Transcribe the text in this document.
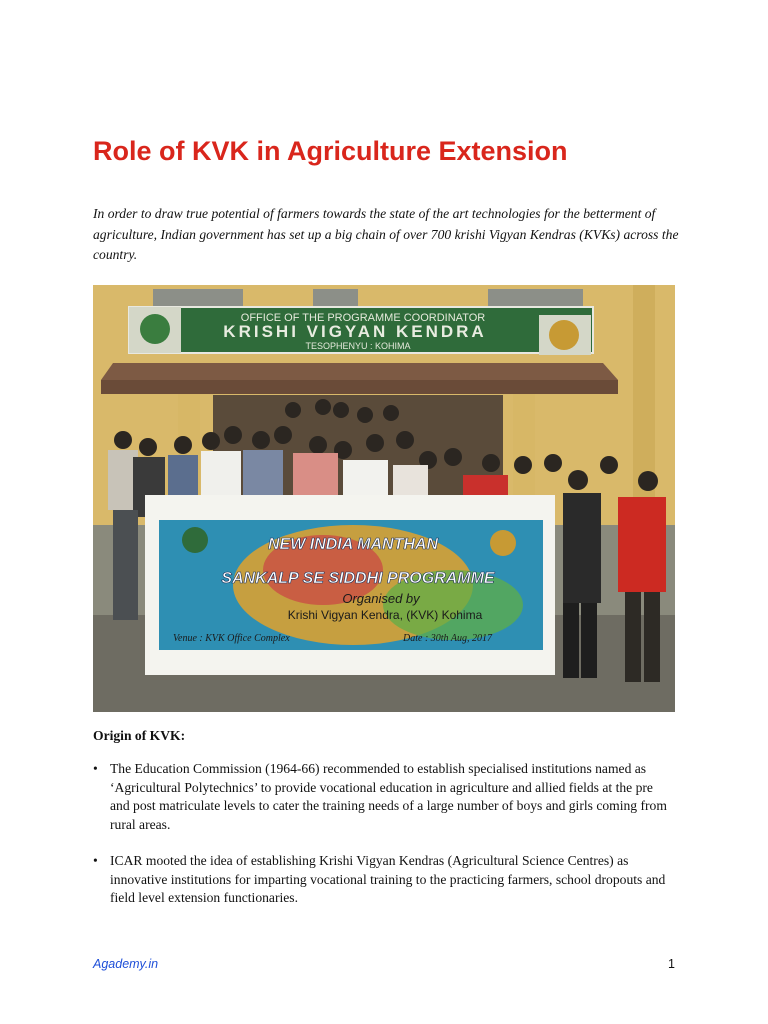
Role of KVK in Agriculture Extension

In order to draw true potential of farmers towards the state of the art technologies for the betterment of agriculture, Indian government has set up a big chain of over 700 krishi Vigyan Kendras (KVKs) across the country.

OFFICE OF THE PROGRAMME COORDINATOR
KRISHI VIGYAN KENDRA
TESOPHENYU : KOHIMA
NEW INDIA MANTHAN
SANKALP SE SIDDHI PROGRAMME
Organised by
Krishi Vigyan Kendra, (KVK) Kohima
Venue : KVK Office Complex	Date : 30th Aug, 2017

Origin of KVK:

• The Education Commission (1964-66) recommended to establish specialised institutions named as ‘Agricultural Polytechnics’ to provide vocational education in agriculture and allied fields at the pre and post matriculate levels to cater the training needs of a large number of boys and girls coming from rural areas.
• ICAR mooted the idea of establishing Krishi Vigyan Kendras (Agricultural Science Centres) as innovative institutions for imparting vocational training to the practicing farmers, school dropouts and field level extension functionaries.
Agademy.in	1
